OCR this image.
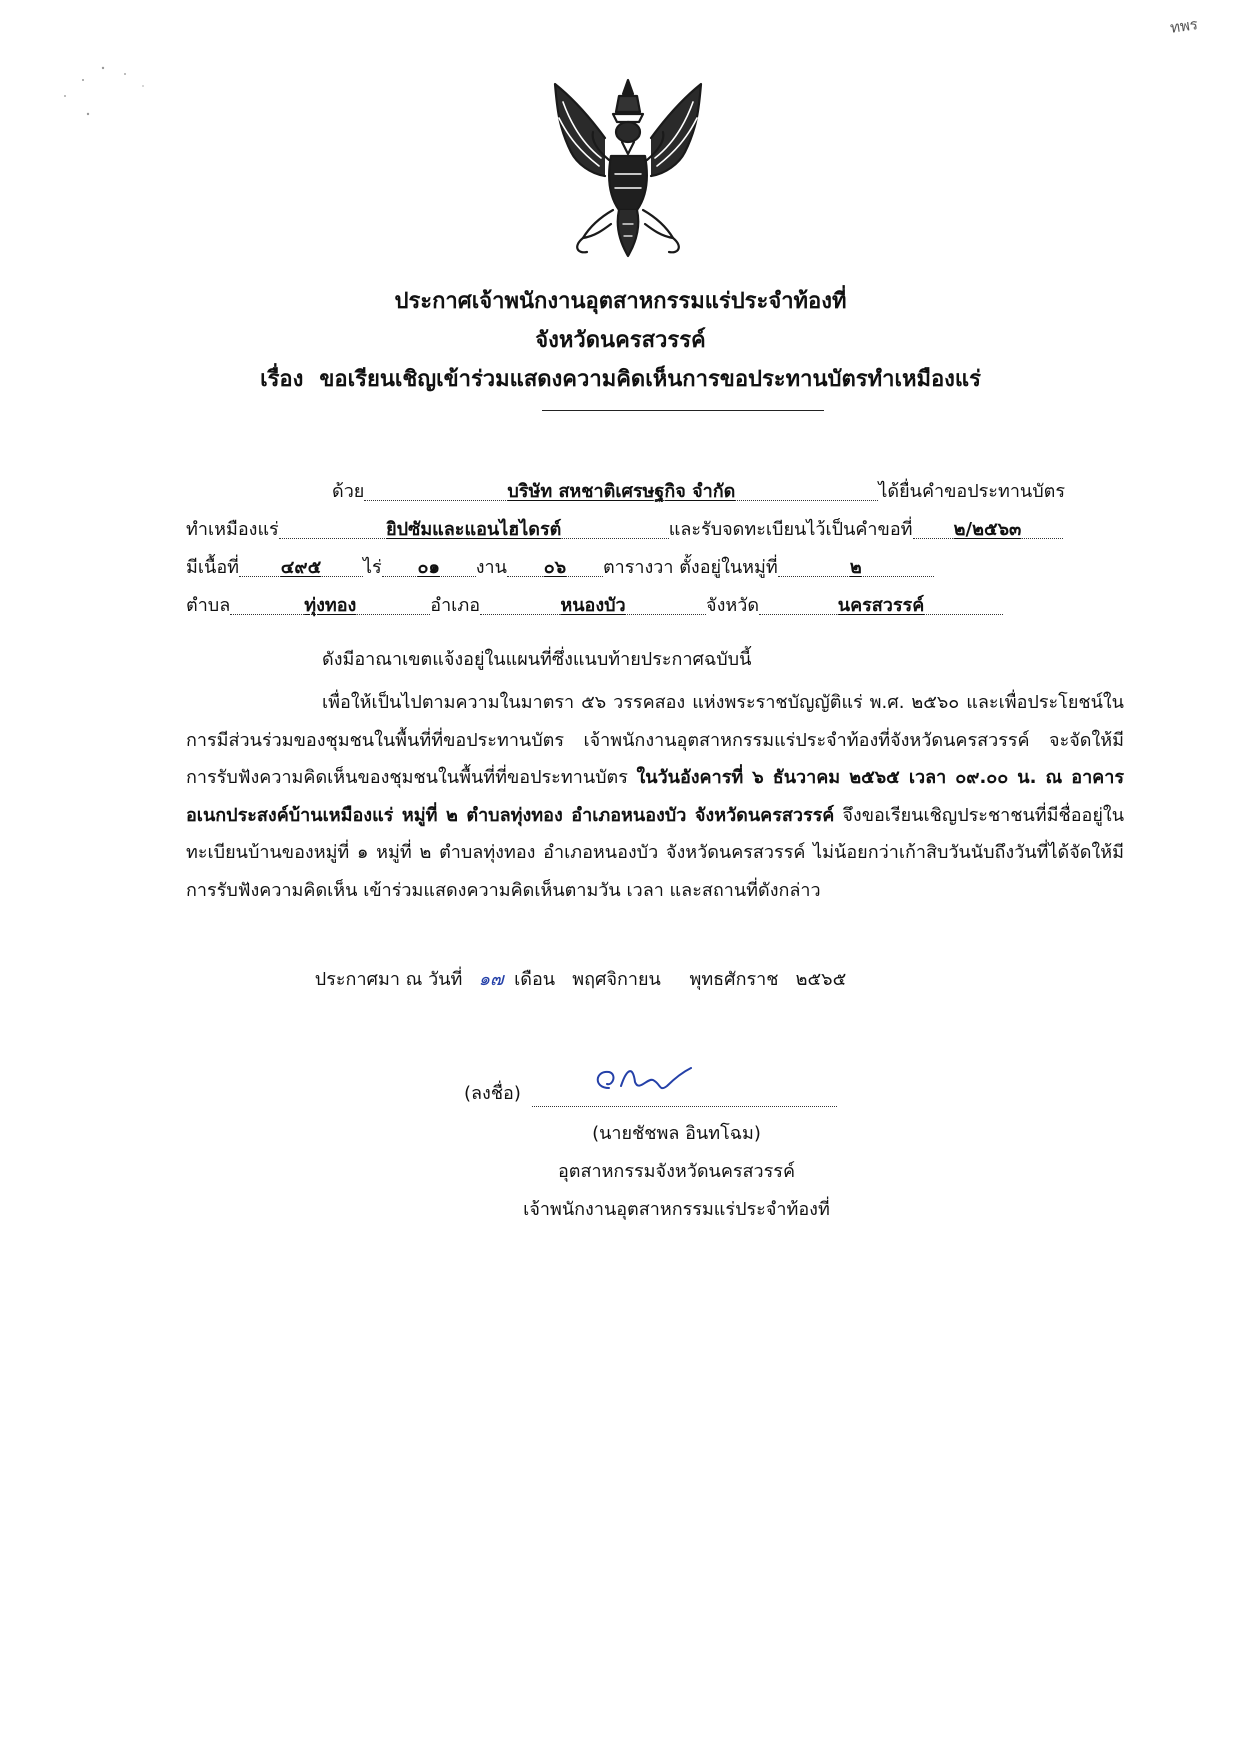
ทพร
ประกาศเจ้าพนักงานอุตสาหกรรมแร่ประจำท้องที่
จังหวัดนครสวรรค์
เรื่อง ขอเรียนเชิญเข้าร่วมแสดงความคิดเห็นการขอประทานบัตรทำเหมืองแร่
ด้วย	บริษัท สหชาติเศรษฐกิจ จำกัด	ได้ยื่นคำขอประทานบัตร
ทำเหมืองแร่	ยิปซัมและแอนไฮไดรต์	และรับจดทะเบียนไว้เป็นคำขอที่ ๒/๒๕๖๓
มีเนื้อที่ ๔๙๕ ไร่ ๐๑ งาน ๐๖ ตารางวา ตั้งอยู่ในหมู่ที่	๒
ตำบล	ทุ่งทอง	อำเภอ	หนองบัว	จังหวัด	นครสวรรค์
ดังมีอาณาเขตแจ้งอยู่ในแผนที่ซึ่งแนบท้ายประกาศฉบับนี้
เพื่อให้เป็นไปตามความในมาตรา ๕๖ วรรคสอง แห่งพระราชบัญญัติแร่ พ.ศ. ๒๕๖๐ และเพื่อประโยชน์ในการมีส่วนร่วมของชุมชนในพื้นที่ที่ขอประทานบัตร เจ้าพนักงานอุตสาหกรรมแร่ประจำท้องที่จังหวัดนครสวรรค์ จะจัดให้มีการรับฟังความคิดเห็นของชุมชนในพื้นที่ที่ขอประทานบัตร ในวันอังคารที่ ๖ ธันวาคม ๒๕๖๕ เวลา ๐๙.๐๐ น. ณ อาคารอเนกประสงค์บ้านเหมืองแร่ หมู่ที่ ๒ ตำบลทุ่งทอง อำเภอหนองบัว จังหวัดนครสวรรค์ จึงขอเรียนเชิญประชาชนที่มีชื่ออยู่ในทะเบียนบ้านของหมู่ที่ ๑ หมู่ที่ ๒ ตำบลทุ่งทอง อำเภอหนองบัว จังหวัดนครสวรรค์ ไม่น้อยกว่าเก้าสิบวันนับถึงวันที่ได้จัดให้มีการรับฟังความคิดเห็น เข้าร่วมแสดงความคิดเห็นตามวัน เวลา และสถานที่ดังกล่าว
ประกาศมา ณ วันที่ ๑๗ เดือน พฤศจิกายน พุทธศักราช ๒๕๖๕
(ลงชื่อ)
(นายชัชพล อินทโฉม)
อุตสาหกรรมจังหวัดนครสวรรค์
เจ้าพนักงานอุตสาหกรรมแร่ประจำท้องที่
